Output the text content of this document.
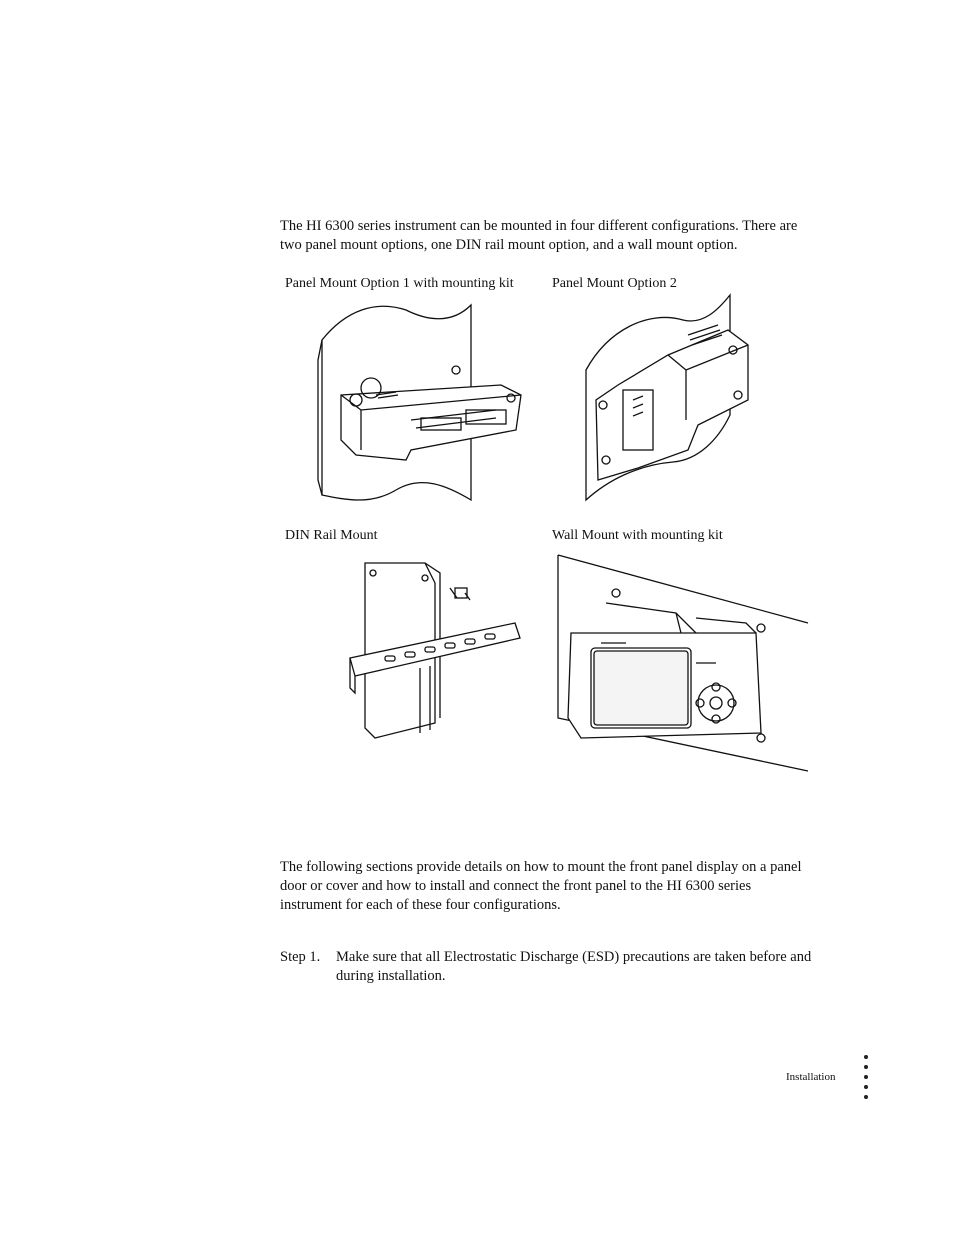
The HI 6300 series instrument can be mounted in four different configurations. There are two panel mount options, one DIN rail mount option, and a wall mount option.

Panel Mount Option 1 with mounting kit	Panel Mount Option 2
DIN Rail Mount	Wall Mount with mounting kit

The following sections provide details on how to mount the front panel display on a panel door or cover and how to install and connect the front panel to the HI 6300 series instrument for each of these four configurations.

Step 1. Make sure that all Electrostatic Discharge (ESD) precautions are taken before and during installation.

Installation
